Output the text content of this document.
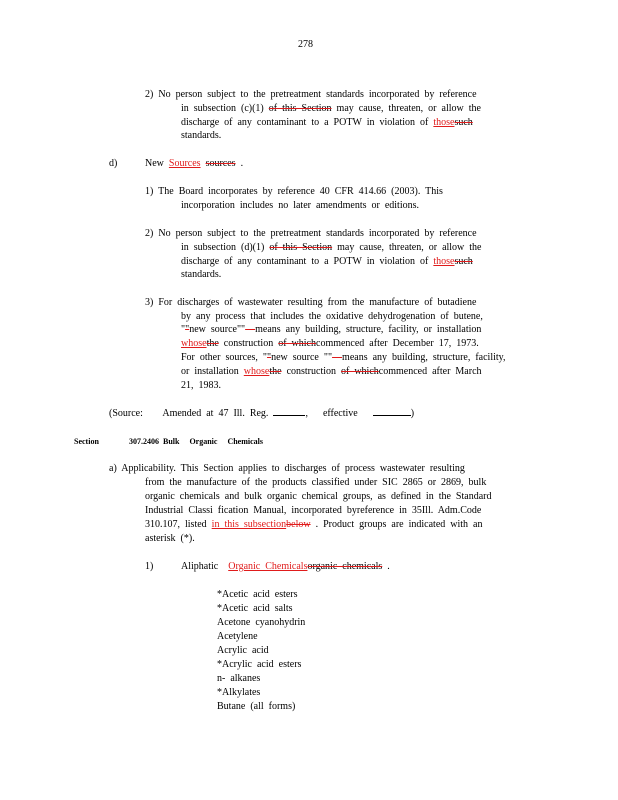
278
2) No person subject to the pretreatment standards incorporated by reference
in subsection (c)(1) of this Section may cause, threaten, or allow the
discharge of any contaminant to a POTW in violation of thosesuch
standards.
d)	New Sources sources .
1) The Board incorporates by reference 40 CFR 414.66 (2003). This
incorporation includes no later amendments or editions.
2) No person subject to the pretreatment standards incorporated by reference
in subsection (d)(1) of this Section may cause, threaten, or allow the
discharge of any contaminant to a POTW in violation of thosesuch
standards.
3) For discharges of wastewater resulting from the manufacture of butadiene
by any process that includes the oxidative dehydrogenation of butene,
""new source"" means any building, structure, facility, or installation
whosethe construction of whichcommenced after December 17, 1973.
For other sources, ""new source "" means any building, structure, facility,
or installation whosethe construction of whichcommenced after March
21, 1983.
(Source: Amended at 47 Ill. Reg.	, effective	)
Section	307.2406 Bulk Organic Chemicals
a) Applicability. This Section applies to discharges of process wastewater resulting
from the manufacture of the products classified under SIC 2865 or 2869, bulk
organic chemicals and bulk organic chemical groups, as defined in the Standard
Industrial Classi fication Manual, incorporated byreference in 35Ill. Adm.Code
310.107, listed in this subsectionbelow . Product groups are indicated with an
asterisk (*).
1)	Aliphatic Organic Chemicalsorganic chemicals .
*Acetic acid esters
*Acetic acid salts
Acetone cyanohydrin
Acetylene
Acrylic acid
*Acrylic acid esters
n- alkanes
*Alkylates
Butane (all forms)
